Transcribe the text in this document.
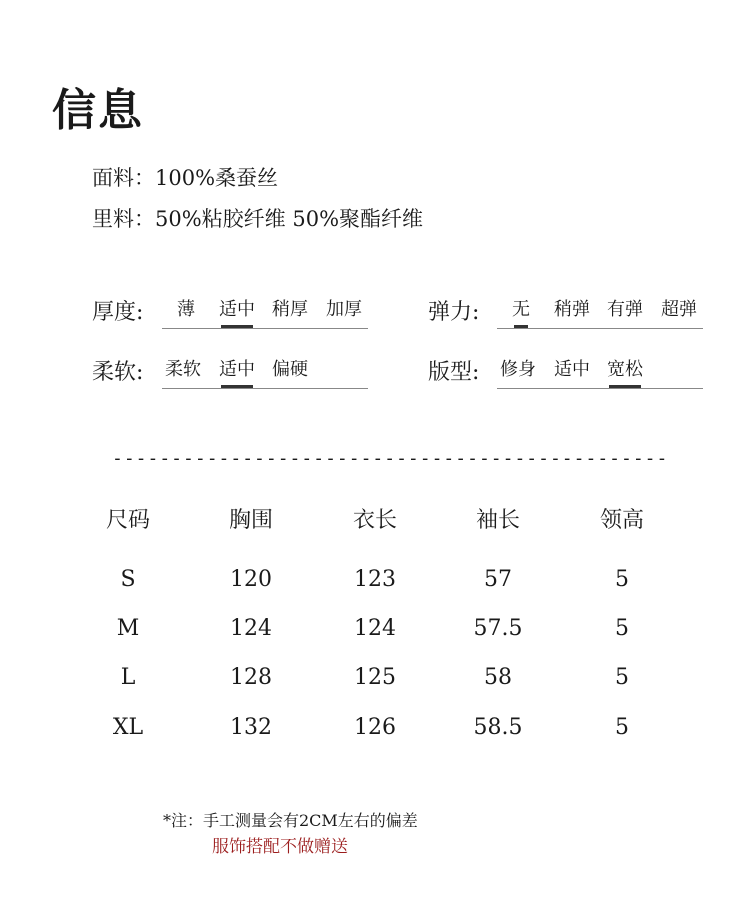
信息
面料：100%桑蚕丝
里料：50%粘胶纤维 50%聚酯纤维
厚度: 薄 适中 稍厚 加厚	弹力: 无 稍弹 有弹 超弹
柔软: 柔软 适中 偏硬	版型: 修身 适中 宽松
-----------------------------------------------
尺码	胸围	衣长	袖长	领高
S	120	123	57	5
M	124	124	57.5	5
L	128	125	58	5
XL	132	126	58.5	5
*注：手工测量会有2CM左右的偏差
服饰搭配不做赠送
